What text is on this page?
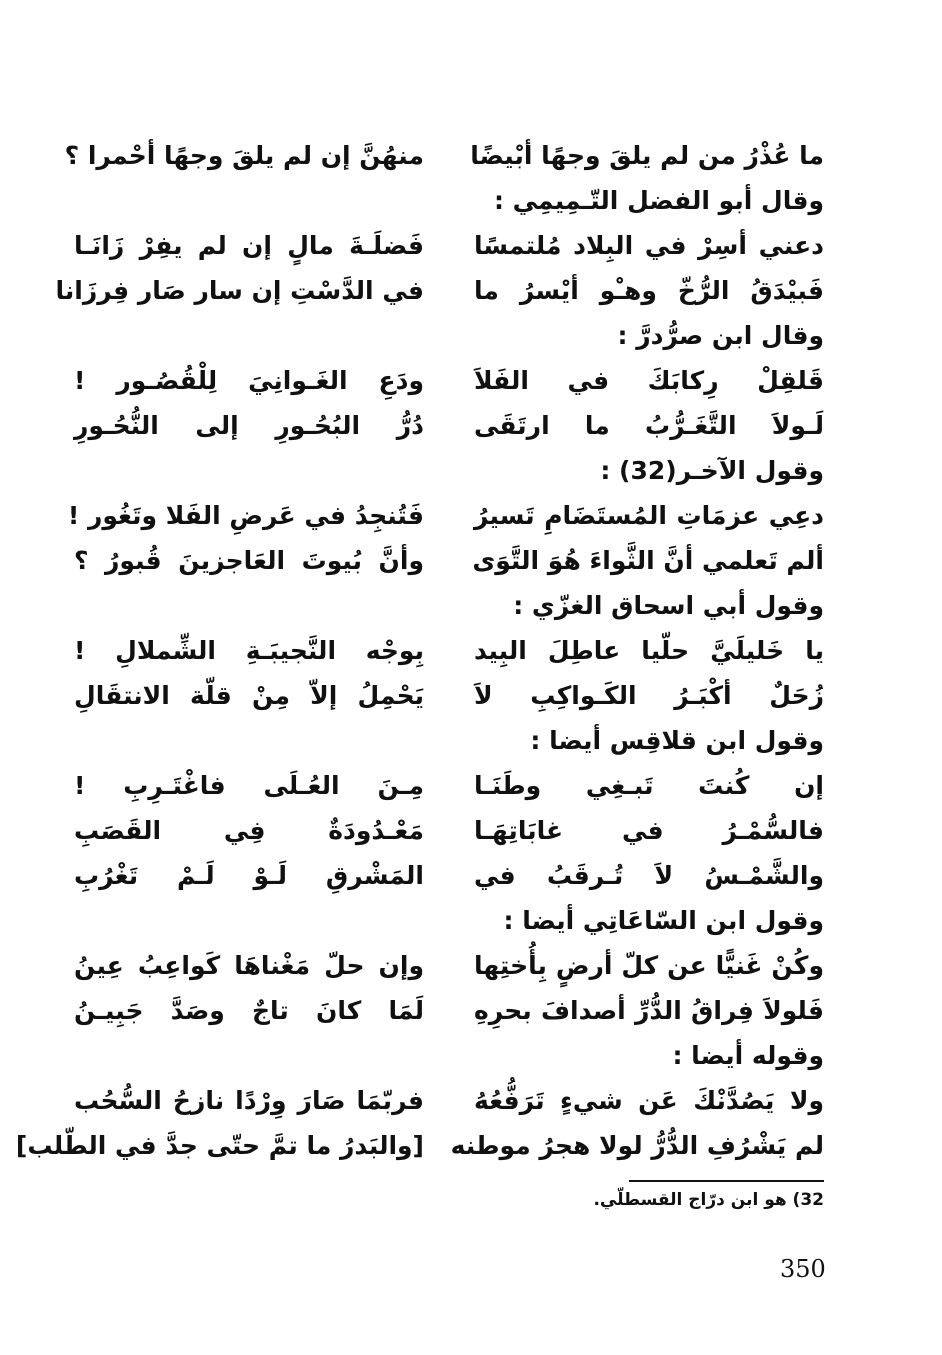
ما عُذْرُ من لم يلقَ وجهًا أبْيضًا
منهُنَّ إن لم يلقَ وجهًا أحْمرا ؟
وقال أبو الفضل التّـمِيمِي :
دعني أسِرْ في البِلاد مُلتمسًا
فَضلَـةَ مالٍ إن لم يفِرْ زَانَـا
فَبيْدَقُ الرُّخّ وهـْو أيْسرُ ما
في الدَّسْتِ إن سار صَار فِرزَانا
وقال ابن صرُّدرَّ :
قَلقِلْ رِكابَكَ في الفَلاَ
ودَعِ الغَـوانِيَ لِلْقُصُـور !
لَـولاَ التَّغَـرُّبُ ما ارتَقَى
دُرُّ البُحُـورِ إلى النُّحُـورِ
وقول الآخـر(32) :
دعِي عزمَاتِ المُستَضَامِ تَسيرُ
فَتُنجِدُ في عَرضِ الفَلا وتَغُور !
ألم تَعلمي أنَّ الثَّواءَ هُوَ التَّوَى
وأنَّ بُيوتَ العَاجزينَ قُبورُ ؟
وقول أبي اسحاق الغزّي :
يا خَليلَيَّ حلّيا عاطِلَ البِيد
بِوجْه النَّجيبَـةِ الشِّملالِ !
زُحَلٌ أكْبَـرُ الكَـواكِبِ لاَ
يَحْمِلُ إلاّ مِنْ قلّة الانتقَالِ
وقول ابن قلاقِس أيضا :
إن كُنتَ تَبـغِي وطَنَـا
مِـنَ العُـلَى فاغْتَـرِبِ !
فالسُّمْـرُ في غابَاتِهَـا
مَعْـدُودَةٌ فِي القَصَبِ
والشَّمْـسُ لاَ تُـرقَبُ في
المَشْرقِ لَـوْ لَـمْ تَغْرُبِ
وقول ابن السّاعَاتِي أيضا :
وكُنْ غَنيًّا عن كلّ أرضٍ بِأُختِها
وإن حلّ مَغْناهَا كَواعِبُ عِينُ
فَلولاَ فِراقُ الدُّرِّ أصدافَ بحرِهِ
لَمَا كانَ تاجٌ وصَدَّ جَبِيـنُ
وقوله أيضا :
ولا يَصُدَّنْكَ عَن شيءٍ تَرَفُّعُهُ
فربّمَا صَارَ وِرْدًا نازحُ السُّحُب
لم يَشْرُفِ الدُّرُّ لولا هجرُ موطنه
[والبَدرُ ما تمَّ حتّى جدَّ في الطّلب]
32) هو ابن درّاج القسطلّي.
350
